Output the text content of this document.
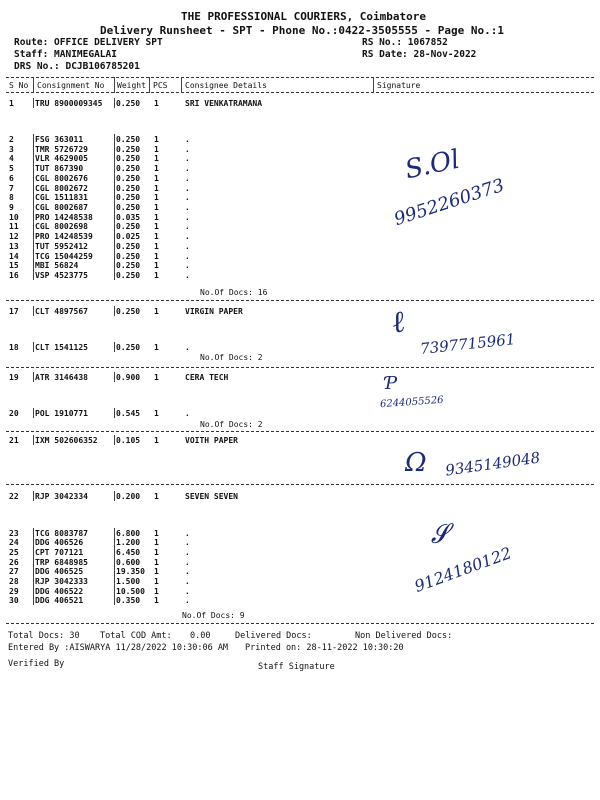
THE PROFESSIONAL COURIERS, Coimbatore
Delivery Runsheet - SPT - Phone No.:0422-3505555 - Page No.:1
Route: OFFICE DELIVERY SPT
Staff: MANIMEGALAI
DRS No.: DCJB106785201
RS No.: 1067852
RS Date: 28-Nov-2022
S No Consignment No Weight PCS Consignee Details	Signature
1	TRU 8900009345 0.250 1	SRI VENKATRAMANA
2	FSG 363011	0.250 1	.
3	TMR 5726729	0.250 1	.
4	VLR 4629005	0.250 1	.
5	TUT 867390	0.250 1	.
6	CGL 8002676	0.250 1	.
7	CGL 8002672	0.250 1	.
8	CGL 1511831	0.250 1	.
9	CGL 8002687	0.250 1	.
10 PRO 14248538	0.035 1	.
11 CGL 8002698	0.250 1	.
12 PRO 14248539	0.025 1	.
13 TUT 5952412	0.250 1	.
14 TCG 15044259	0.250 1	.
15 MBI 56824	0.250 1	.
16 VSP 4523775	0.250 1	.
17 CLT 4897567	0.250 1	VIRGIN PAPER
18 CLT 1541125	0.250 1	.
19 ATR 3146438	0.900 1	CERA TECH
20 POL 1910771	0.545 1	.
21 IXM 502606352 0.105 1	VOITH PAPER
22 RJP 3042334	0.200 1	SEVEN SEVEN
23 TCG 8083787	6.800 1	.
24 DDG 406526	1.200 1	.
25 CPT 707121	6.450 1	.
26 TRP 6848985	0.600 1	.
27 DDG 406525	19.350 1	.
28 RJP 3042333	1.500 1	.
29 DDG 406522	10.500 1	.
30 DDG 406521	0.350 1	.
No.Of Docs: 16
No.Of Docs: 2
No.Of Docs: 2
No.Of Docs: 9
S.Ol
9952260373
ℓ
7397715961
Ƥ
6244055526
Ω 9345149048
𝓢
9124180122
Total Docs: 30 Total COD Amt: 0.00	Delivered Docs:	Non Delivered Docs:
Entered By :AISWARYA 11/28/2022 10:30:06 AM Printed on: 28-11-2022 10:30:20
Verified By	Staff Signature
